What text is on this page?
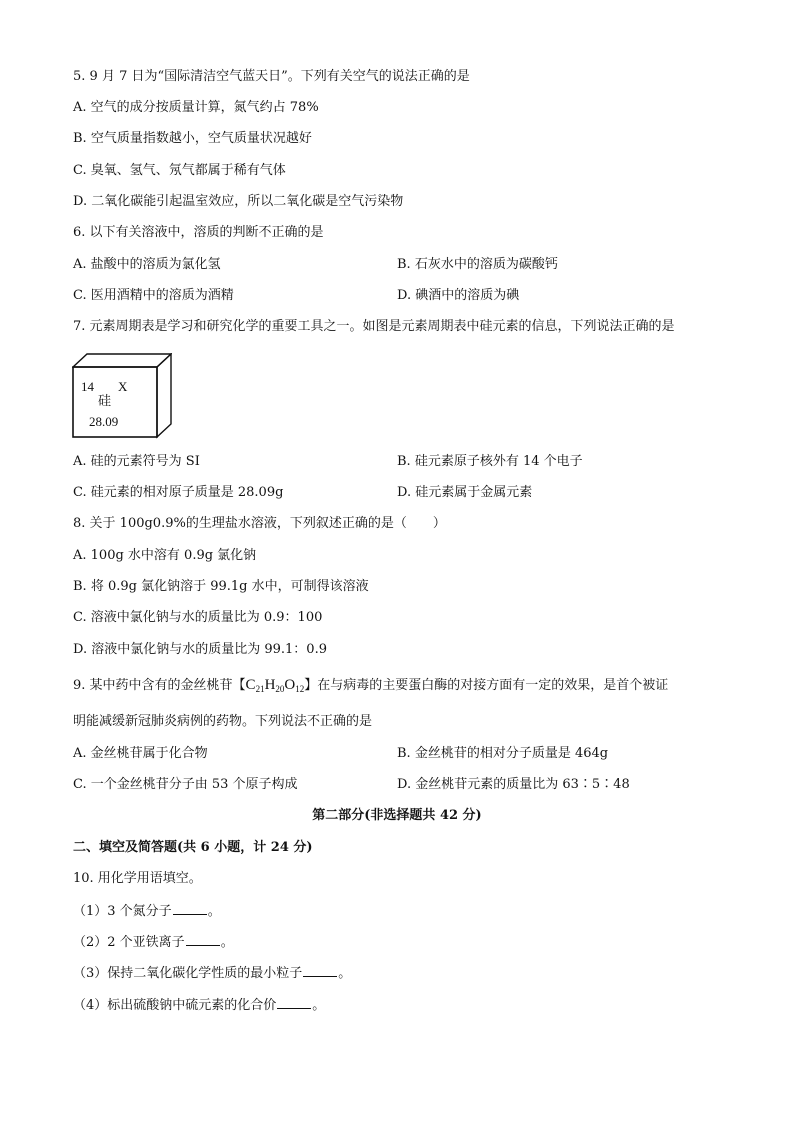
5. 9 月 7 日为“国际清洁空气蓝天日”。下列有关空气的说法正确的是
A. 空气的成分按质量计算，氮气约占 78%
B. 空气质量指数越小，空气质量状况越好
C. 臭氧、氢气、氖气都属于稀有气体
D. 二氧化碳能引起温室效应，所以二氧化碳是空气污染物
6. 以下有关溶液中，溶质的判断不正确的是
A. 盐酸中的溶质为氯化氢	B. 石灰水中的溶质为碳酸钙
C. 医用酒精中的溶质为酒精	D. 碘酒中的溶质为碘
7. 元素周期表是学习和研究化学的重要工具之一。如图是元素周期表中硅元素的信息，下列说法正确的是
14 X
硅
28.09
A. 硅的元素符号为 SI	B. 硅元素原子核外有 14 个电子
C. 硅元素的相对原子质量是 28.09g	D. 硅元素属于金属元素
8. 关于 100g0.9%的生理盐水溶液，下列叙述正确的是（　　）
A. 100g 水中溶有 0.9g 氯化钠
B. 将 0.9g 氯化钠溶于 99.1g 水中，可制得该溶液
C. 溶液中氯化钠与水的质量比为 0.9：100
D. 溶液中氯化钠与水的质量比为 99.1：0.9
9. 某中药中含有的金丝桃苷【$C_{21}H_{20}O_{12}$】在与病毒的主要蛋白酶的对接方面有一定的效果，是首个被证
明能减缓新冠肺炎病例的药物。下列说法不正确的是
A. 金丝桃苷属于化合物	B. 金丝桃苷的相对分子质量是 464g
C. 一个金丝桃苷分子由 53 个原子构成	D. 金丝桃苷元素的质量比为 63∶5∶48
第二部分(非选择题共 42 分)
二、填空及简答题(共 6 小题，计 24 分)
10. 用化学用语填空。
（1）3 个氮分子	。
（2）2 个亚铁离子	。
（3）保持二氧化碳化学性质的最小粒子	。
（4）标出硫酸钠中硫元素的化合价	。
